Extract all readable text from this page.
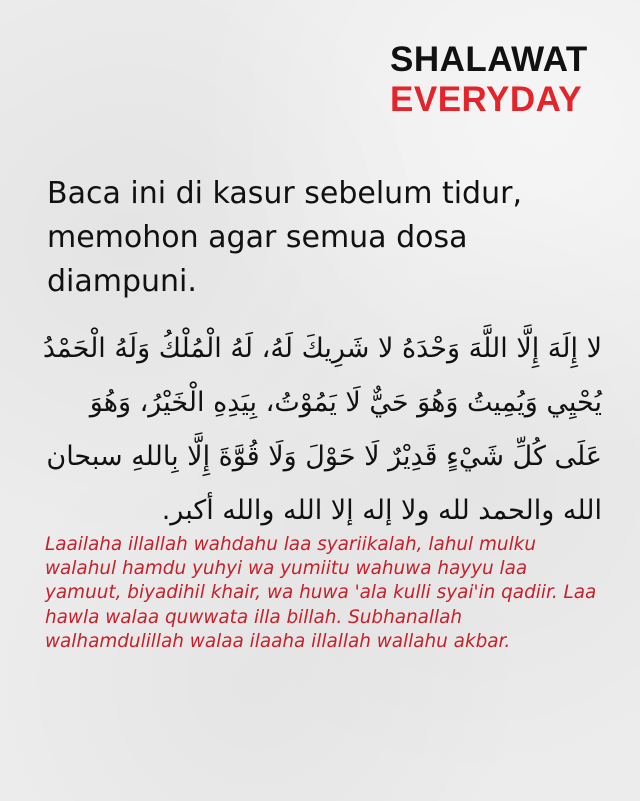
SHALAWAT
EVERYDAY

Baca ini di kasur sebelum tidur, memohon agar semua dosa diampuni.

لا إِلَهَ إِلَّا اللَّهَ وَحْدَهُ لا شَرِيكَ لَهُ، لَهُ الْمُلْكُ وَلَهُ الْحَمْدُ يُحْيِي وَيُمِيتُ وَهُوَ حَيٌّ لَا يَمُوْتُ، بِيَدِهِ الْخَيْرُ، وَهُوَ عَلَى كُلِّ شَيْءٍ قَدِيْرٌ لَا حَوْلَ وَلَا قُوَّةَ إِلَّا بِاللهِ سبحان الله والحمد لله ولا إله إلا الله والله أكبر.

Laailaha illallah wahdahu laa syariikalah, lahul mulku walahul hamdu yuhyi wa yumiitu wahuwa hayyu laa yamuut, biyadihil khair, wa huwa 'ala kulli syai'in qadiir. Laa hawla walaa quwwata illa billah. Subhanallah walhamdulillah walaa ilaaha illallah wallahu akbar.
